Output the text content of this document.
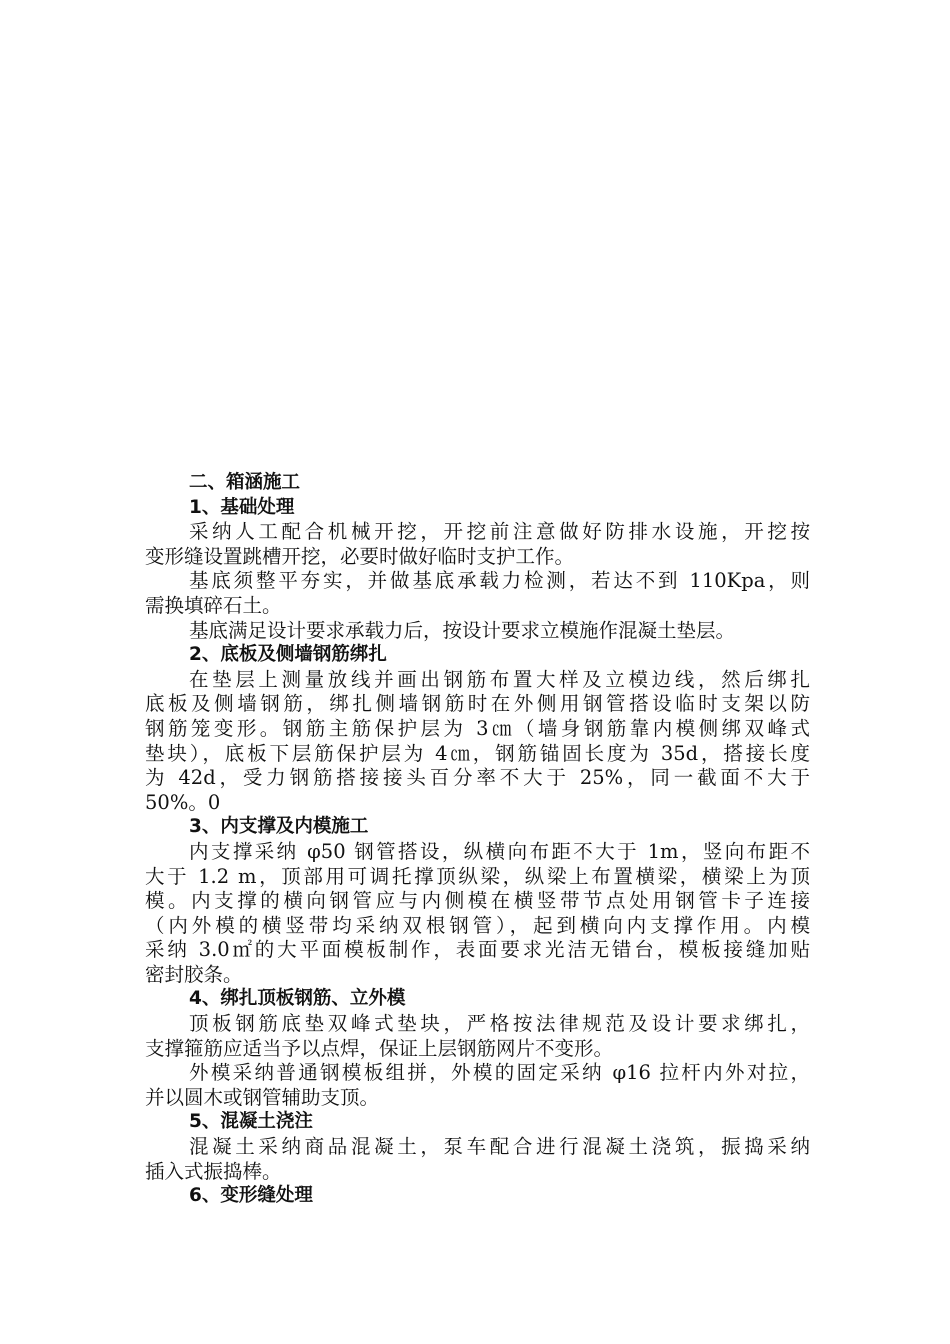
二、箱涵施工
1、基础处理
采纳人工配合机械开挖，开挖前注意做好防排水设施，开挖按
变形缝设置跳槽开挖，必要时做好临时支护工作。
基底须整平夯实，并做基底承载力检测，若达不到 110Kpa，则
需换填碎石土。
基底满足设计要求承载力后，按设计要求立模施作混凝土垫层。
2、底板及侧墙钢筋绑扎
在垫层上测量放线并画出钢筋布置大样及立模边线，然后绑扎
底板及侧墙钢筋，绑扎侧墙钢筋时在外侧用钢管搭设临时支架以防
钢筋笼变形。钢筋主筋保护层为 3㎝（墙身钢筋靠内模侧绑双峰式
垫块），底板下层筋保护层为 4㎝，钢筋锚固长度为 35d，搭接长度
为 42d，受力钢筋搭接接头百分率不大于 25%，同一截面不大于
50%。0
3、内支撑及内模施工
内支撑采纳 φ50 钢管搭设，纵横向布距不大于 1m，竖向布距不
大于 1.2 m，顶部用可调托撑顶纵梁，纵梁上布置横梁，横梁上为顶
模。内支撑的横向钢管应与内侧模在横竖带节点处用钢管卡子连接
（内外模的横竖带均采纳双根钢管），起到横向内支撑作用。内模
采纳 3.0㎡的大平面模板制作，表面要求光洁无错台，模板接缝加贴
密封胶条。
4、绑扎顶板钢筋、立外模
顶板钢筋底垫双峰式垫块，严格按法律规范及设计要求绑扎，
支撑箍筋应适当予以点焊，保证上层钢筋网片不变形。
外模采纳普通钢模板组拼，外模的固定采纳 φ16 拉杆内外对拉，
并以圆木或钢管辅助支顶。
5、混凝土浇注
混凝土采纳商品混凝土，泵车配合进行混凝土浇筑，振捣采纳
插入式振捣棒。
6、变形缝处理
